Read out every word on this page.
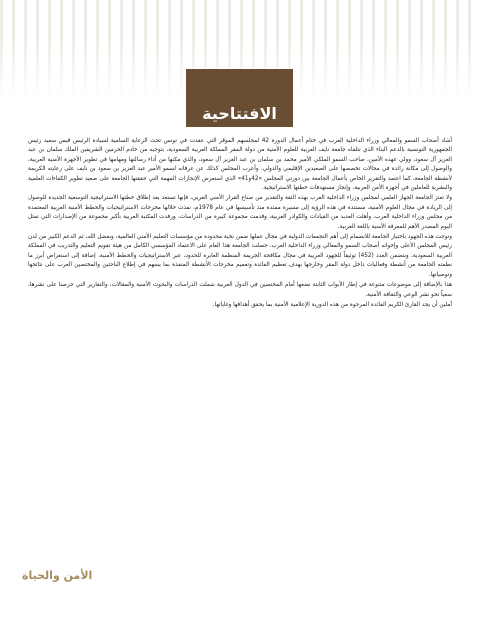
الافتتاحية

أشاد أصحاب السمو والمعالي وزراء الداخلية العرب في ختام أعمال الدورة 42 لمجلسهم الموقر التي عقدت في تونس تحت الرعاية السامية لسيادة الرئيس قيس سعيد رئيس الجمهورية التونسية بالدعم البناء الذي تتلقاه جامعة نايف العربية للعلوم الأمنية من دولة المقر المملكة العربية السعودية، بتوجيه من خادم الحرمين الشريفين الملك سلمان بن عبد العزيز آل سعود، وولي عهده الأمين، صاحب السمو الملكي الأمير محمد بن سلمان بن عبد العزيز آل سعود، والذي مكنها من أداء رسالتها ومهامها في تطوير الأجهزة الأمنية العربية، والوصول إلى مكانة رائدة في مجالات تخصصها على الصعيدين الإقليمي والدولي. وأعرب المجلس كذلك عن عرفانه لسمو الأمير عبد العزيز بن سعود بن نايف على رعايته الكريمة لأنشطة الجامعة، كما اعتمد والتقرير الخاص بأعمال الجامعة بين دورتي المجلس «42و41» الذي استعرض الإنجازات المهمة التي حققتها الجامعة على صعيد تطوير الكفاءات العلمية والبشرية للعاملين في أجهزة الأمن العربية، وإنجاز مستهدفات خطتها الاستراتيجية.

ولا تعتز الجامعة الجهاز العلمي لمجلس وزراء الداخلية العرب بهذه الثقة والتقدير من صناع القرار الأمني العربي، فإنها تستعد بعد إطلاق خطتها الاستراتيجية التوسعية الجديدة للوصول إلى الريادة في مجال العلوم الأمنية، مستندة في هذه الرؤية إلى مسيرة ممتدة منذ تأسيسها في عام 1978م، نفذت خلالها مخرجات الاستراتيجيات والخطط الأمنية العربية المعتمدة من مجلس وزراء الداخلية العرب، وأهلت العديد من القيادات والكوادر العربية، وقدمت مجموعة كبيرة من الدراسات، ورفدت المكتبة العربية بأكبر مجموعة من الإصدارات التي تمثل اليوم المصدر الأهم للمعرفة الأمنية باللغة العربية.

وتوجت هذه الجهود باختيار الجامعة للانضمام إلى أهم التجمعات الدولية في مجال عملها ضمن نخبة محدودة من مؤسسات التعليم الأمني العالمية، وبفضل الله، ثم الدعم الكبير من لدن رئيس المجلس الأعلى وإخوانه أصحاب السمو والمعالي وزراء الداخلية العرب، حصلت الجامعة هذا العام على الاعتماد المؤسسي الكامل من هيئة تقويم التعليم والتدريب في المملكة العربية السعودية، وبتضمن العدد (452) توثيقاً للجهود العربية في مجال مكافحة الجريمة المنظمة العابرة للحدود، عبر الاستراتيجيات والخطط الأمنية، إضافة إلى استعراض أبرز ما نظمته الجامعة من أنشطة وفعاليات داخل دولة المقر وخارجها بهدف تعظيم الفائدة وتعميم مخرجات الأنشطة المنفذة بما يسهم في إطلاع الباحثين والمختصين العرب على نتائجها وتوصياتها.

هذا بالإضافة إلى موضوعات متنوعة في إطار الأبواب الثابتة نضعها أمام المختصين في الدول العربية شملت الدراسات والبحوث الأمنية والمقالات، والتقارير التي حرصنا على نشرها، سعياً نحو نشر الوعي والثقافة الأمنية.

آملين أن يجد القارئ الكريم الفائدة المرجوة من هذه الدورية الإعلامية الأمنية بما يحقق أهدافها وغاياتها.

الأمن والحياة
